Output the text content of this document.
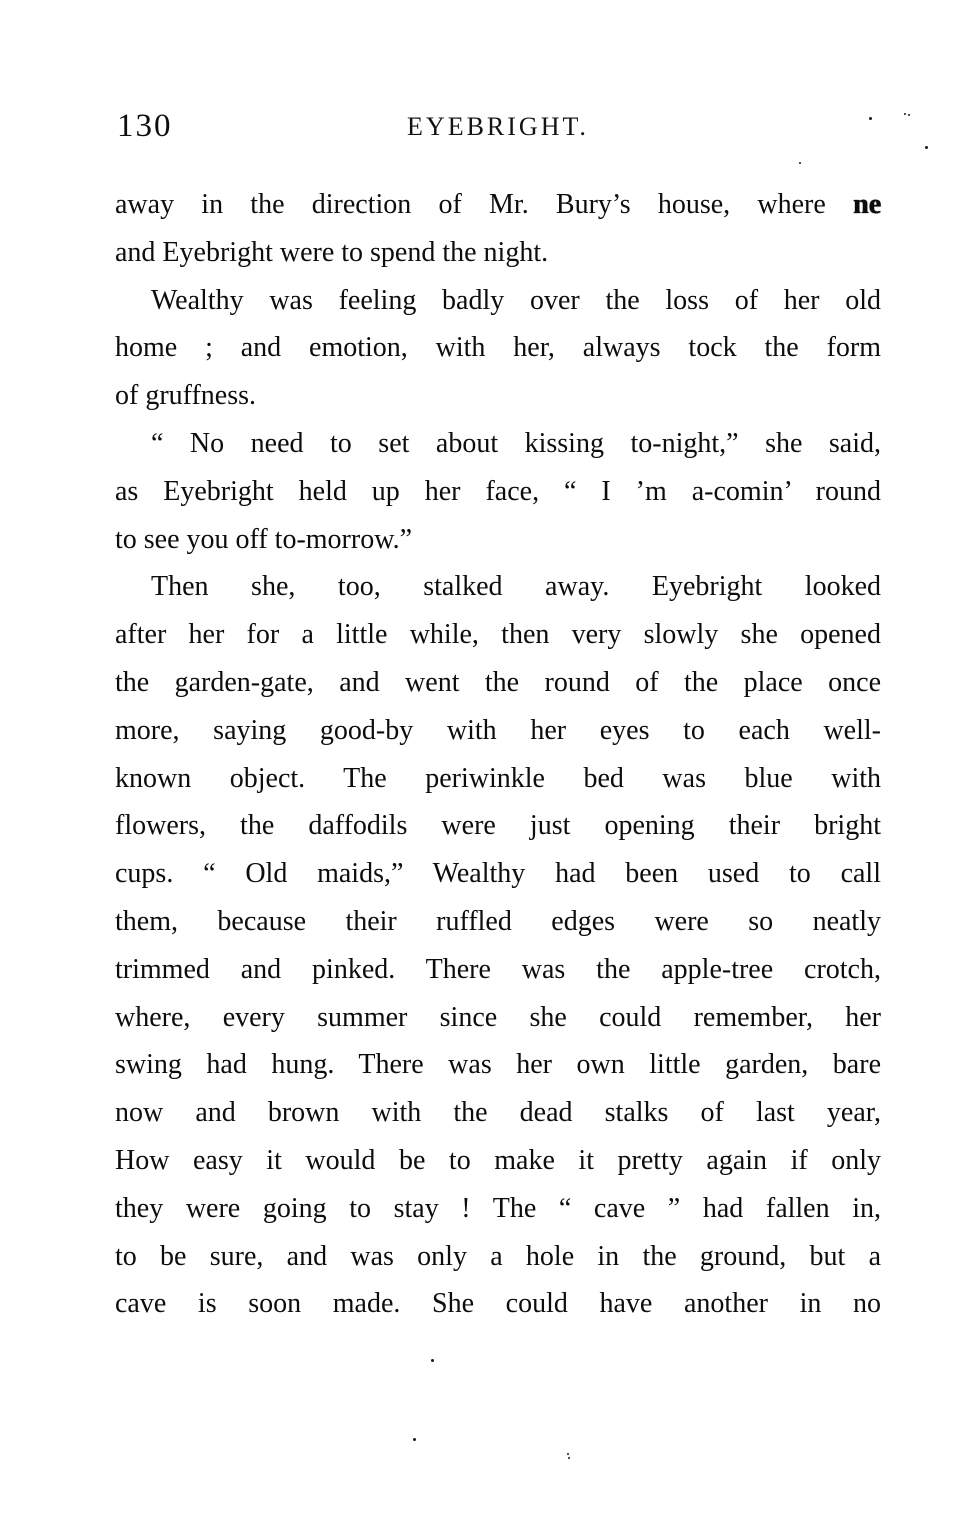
130	EYEBRIGHT.
away in the direction of Mr. Bury’s house, where ne
and Eyebright were to spend the night.
Wealthy was feeling badly over the loss of her old
home ; and emotion, with her, always tock the form
of gruffness.
“ No need to set about kissing to-night,” she said,
as Eyebright held up her face, “ I ’m a-comin’ round
to see you off to-morrow.”
Then she, too, stalked away. Eyebright looked
after her for a little while, then very slowly she opened
the garden-gate, and went the round of the place once
more, saying good-by with her eyes to each well-
known object. The periwinkle bed was blue with
flowers, the daffodils were just opening their bright
cups. “ Old maids,” Wealthy had been used to call
them, because their ruffled edges were so neatly
trimmed and pinked. There was the apple-tree crotch,
where, every summer since she could remember, her
swing had hung. There was her own little garden, bare
now and brown with the dead stalks of last year,
How easy it would be to make it pretty again if only
they were going to stay ! The “ cave ” had fallen in,
to be sure, and was only a hole in the ground, but a
cave is soon made. She could have another in no
